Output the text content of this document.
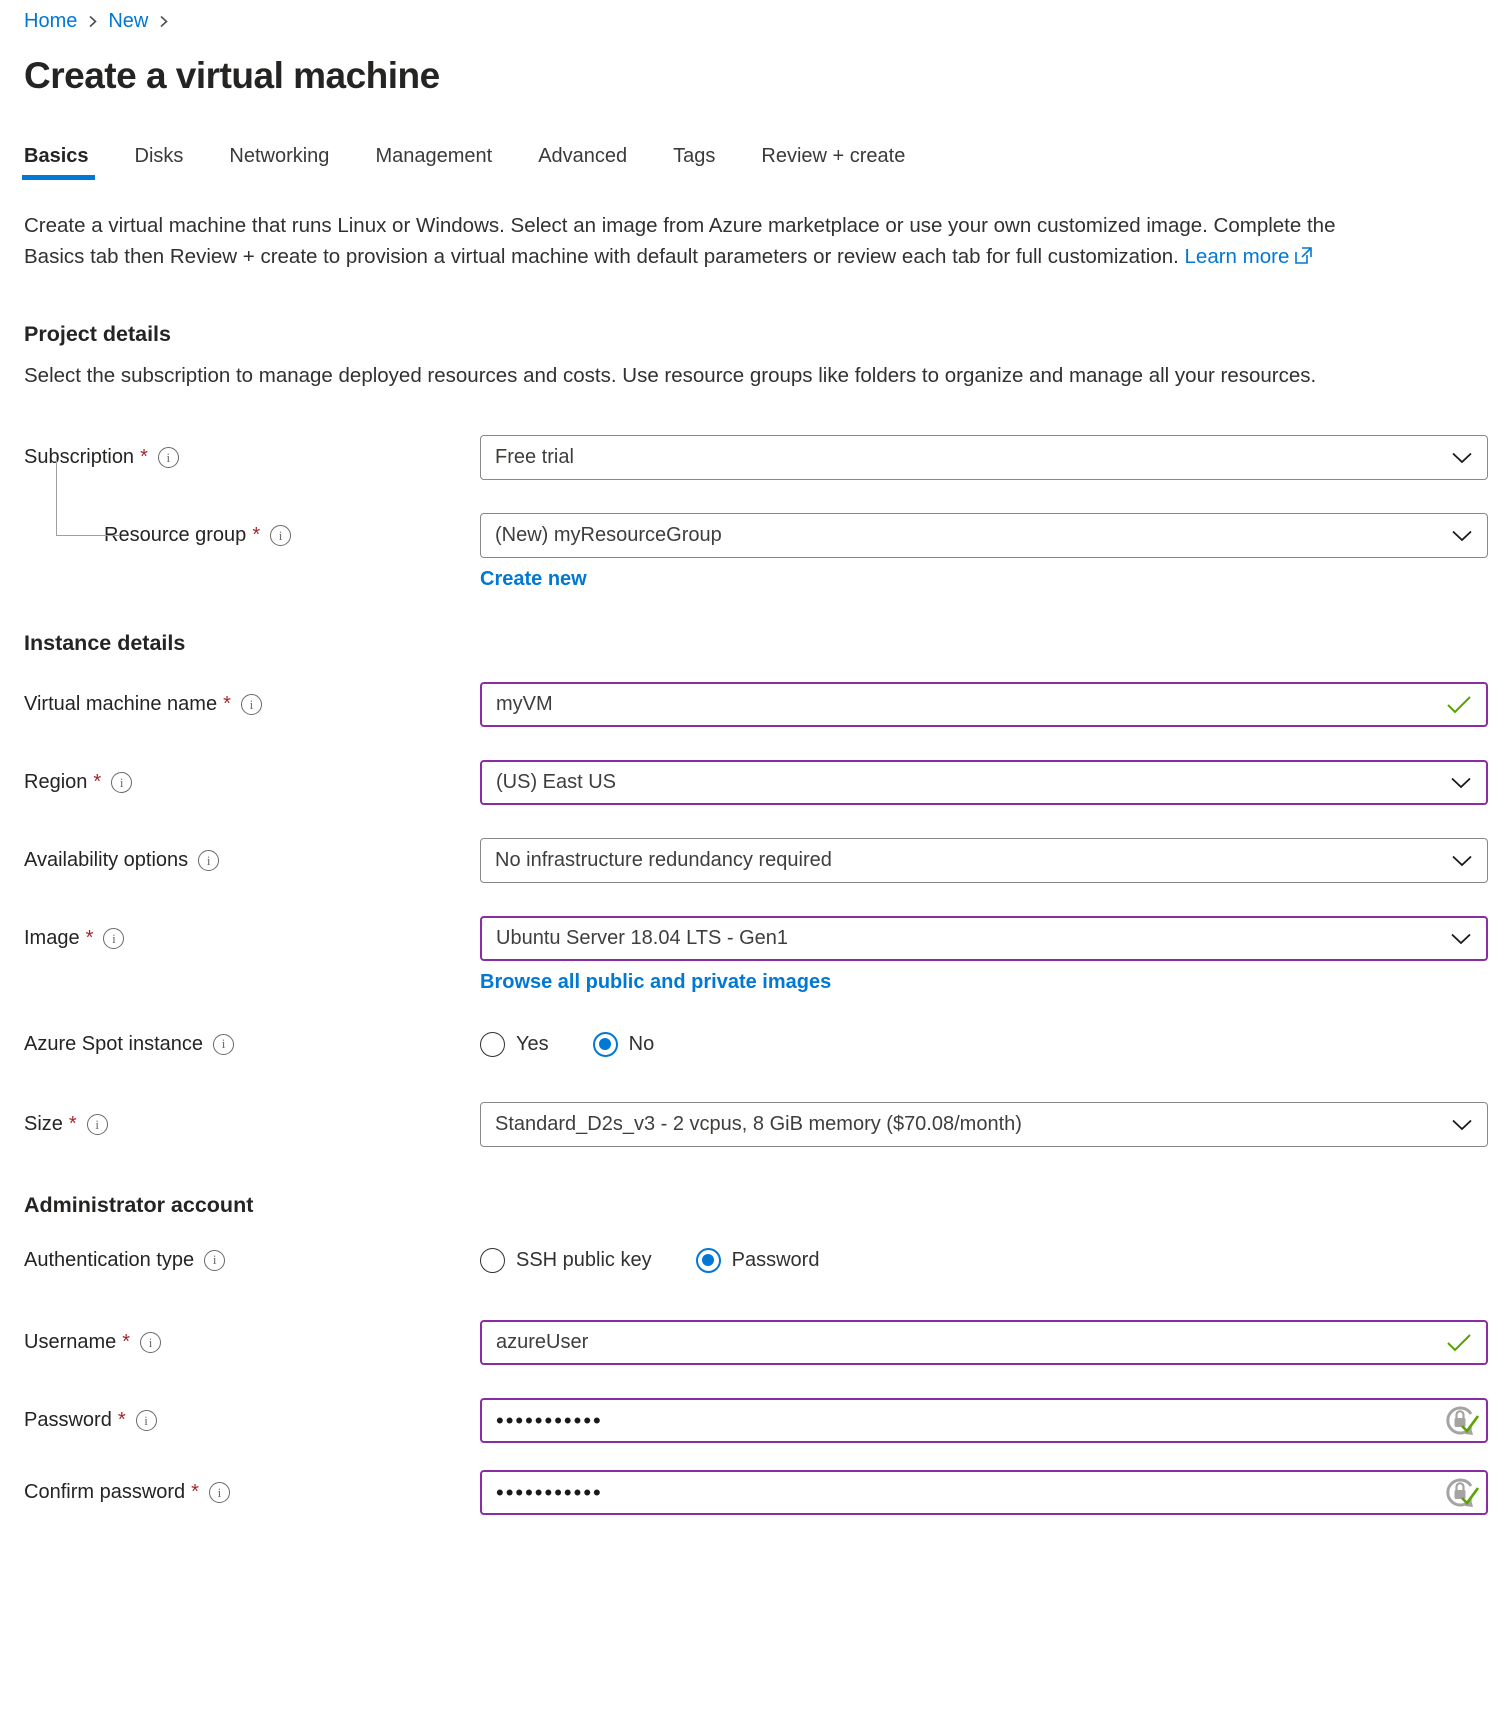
Home New
Create a virtual machine
Basics Disks Networking Management Advanced Tags Review + create

Create a virtual machine that runs Linux or Windows. Select an image from Azure marketplace or use your own customized image. Complete the Basics tab then Review + create to provision a virtual machine with default parameters or review each tab for full customization. Learn more

Project details

Select the subscription to manage deployed resources and costs. Use resource groups like folders to organize and manage all your resources.

Subscription *	i	Free trial
Resource group *	i	(New) myResourceGroup
Create new
Instance details
Virtual machine name *	i	myVM
Region *	i	(US) East US
Availability options	i	No infrastructure redundancy required
Image *	i	Ubuntu Server 18.04 LTS - Gen1
Browse all public and private images
Azure Spot instance	i	Yes	No
Size *	i	Standard_D2s_v3 - 2 vcpus, 8 GiB memory ($70.08/month)
Administrator account
Authentication type	i	SSH public key	Password
Username *	i	azureUser
Password *	i	•••••••••••
Confirm password *	i	•••••••••••
